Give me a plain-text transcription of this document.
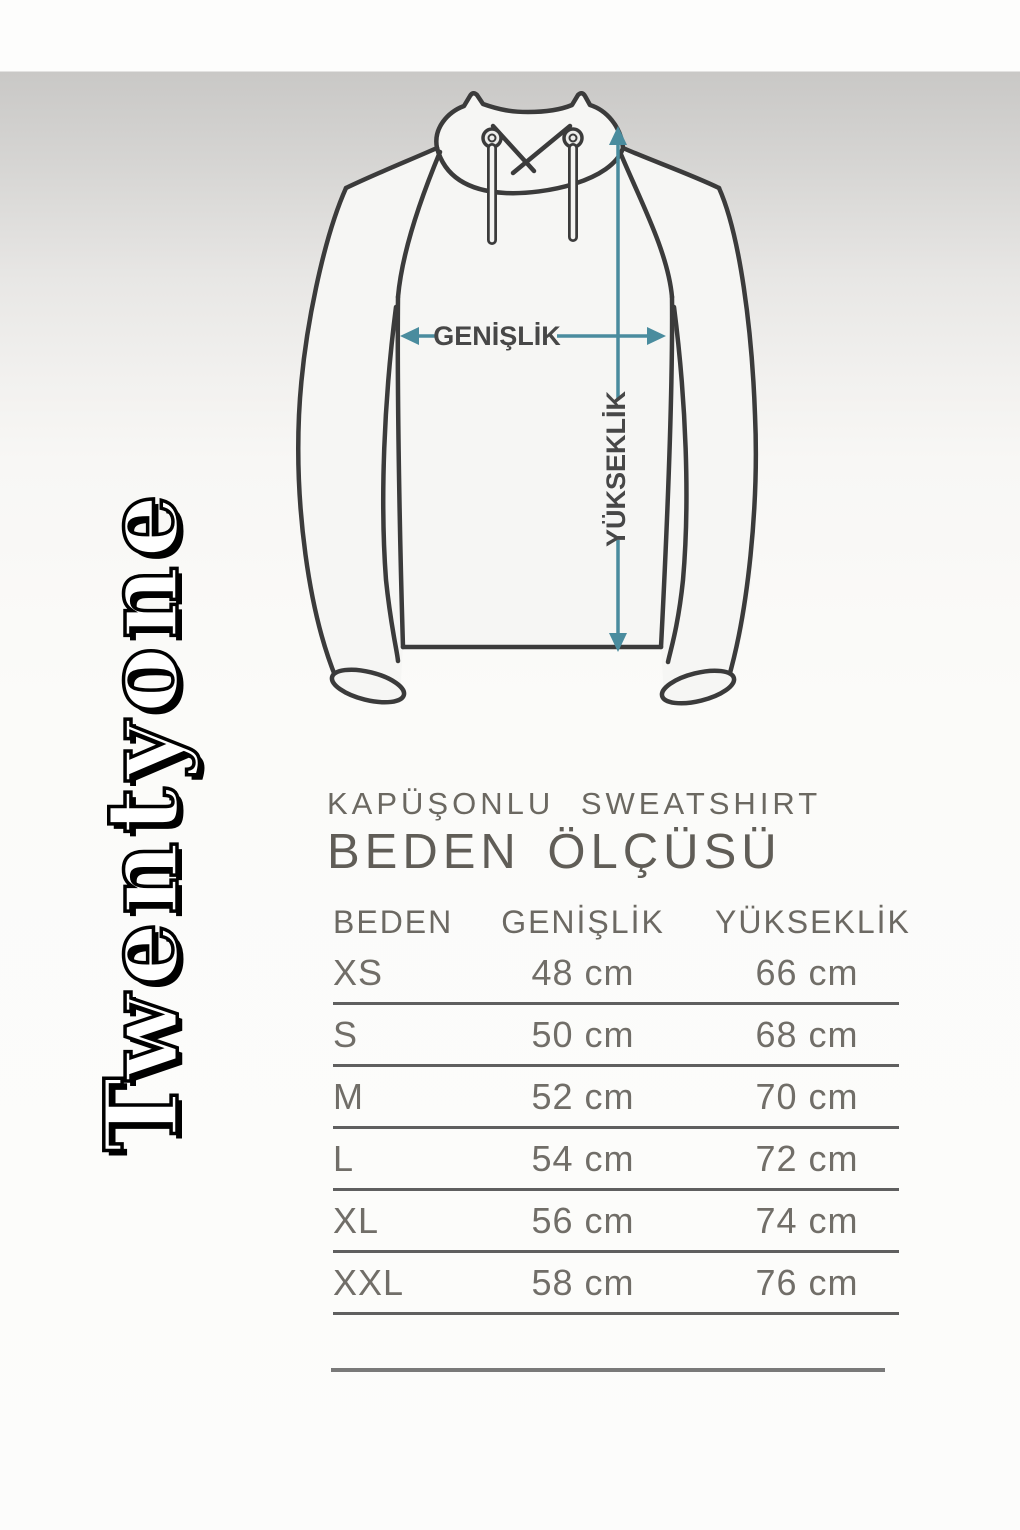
GENİŞLİK
YÜKSEKLİK
Twentyone	KAPÜŞONLU SWEATSHIRT
BEDEN ÖLÇÜSÜ
BEDEN	GENİŞLİK	YÜKSEKLİK
XS	48 cm	66 cm
S	50 cm	68 cm
M	52 cm	70 cm
L	54 cm	72 cm
XL	56 cm	74 cm
XXL	58 cm	76 cm
